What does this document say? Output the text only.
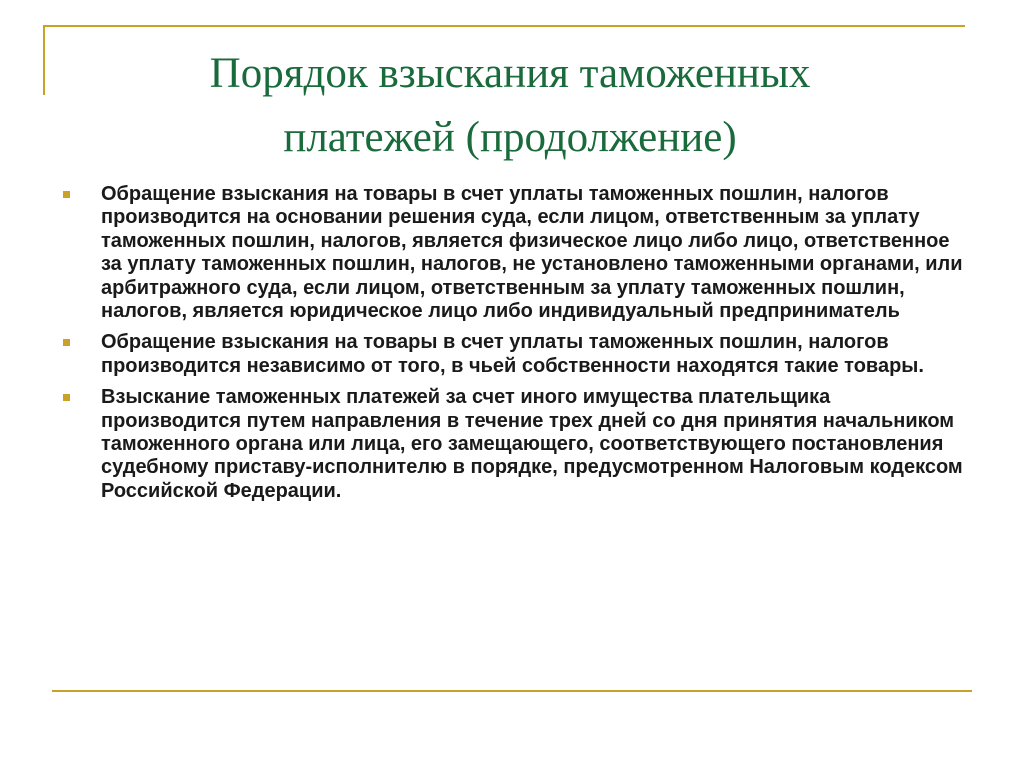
Порядок взыскания таможенных
платежей (продолжение)
Обращение взыскания на товары в счет уплаты таможенных пошлин, налогов производится на основании решения суда, если лицом, ответственным за уплату таможенных пошлин, налогов, является физическое лицо либо лицо, ответственное за уплату таможенных пошлин, налогов, не установлено таможенными органами, или арбитражного суда, если лицом, ответственным за уплату таможенных пошлин, налогов, является юридическое лицо либо индивидуальный предприниматель
Обращение взыскания на товары в счет уплаты таможенных пошлин, налогов производится независимо от того, в чьей собственности находятся такие товары.
Взыскание таможенных платежей за счет иного имущества плательщика производится путем направления в течение трех дней со дня принятия начальником таможенного органа или лица, его замещающего, соответствующего постановления судебному приставу-исполнителю в порядке, предусмотренном Налоговым кодексом Российской Федерации.
